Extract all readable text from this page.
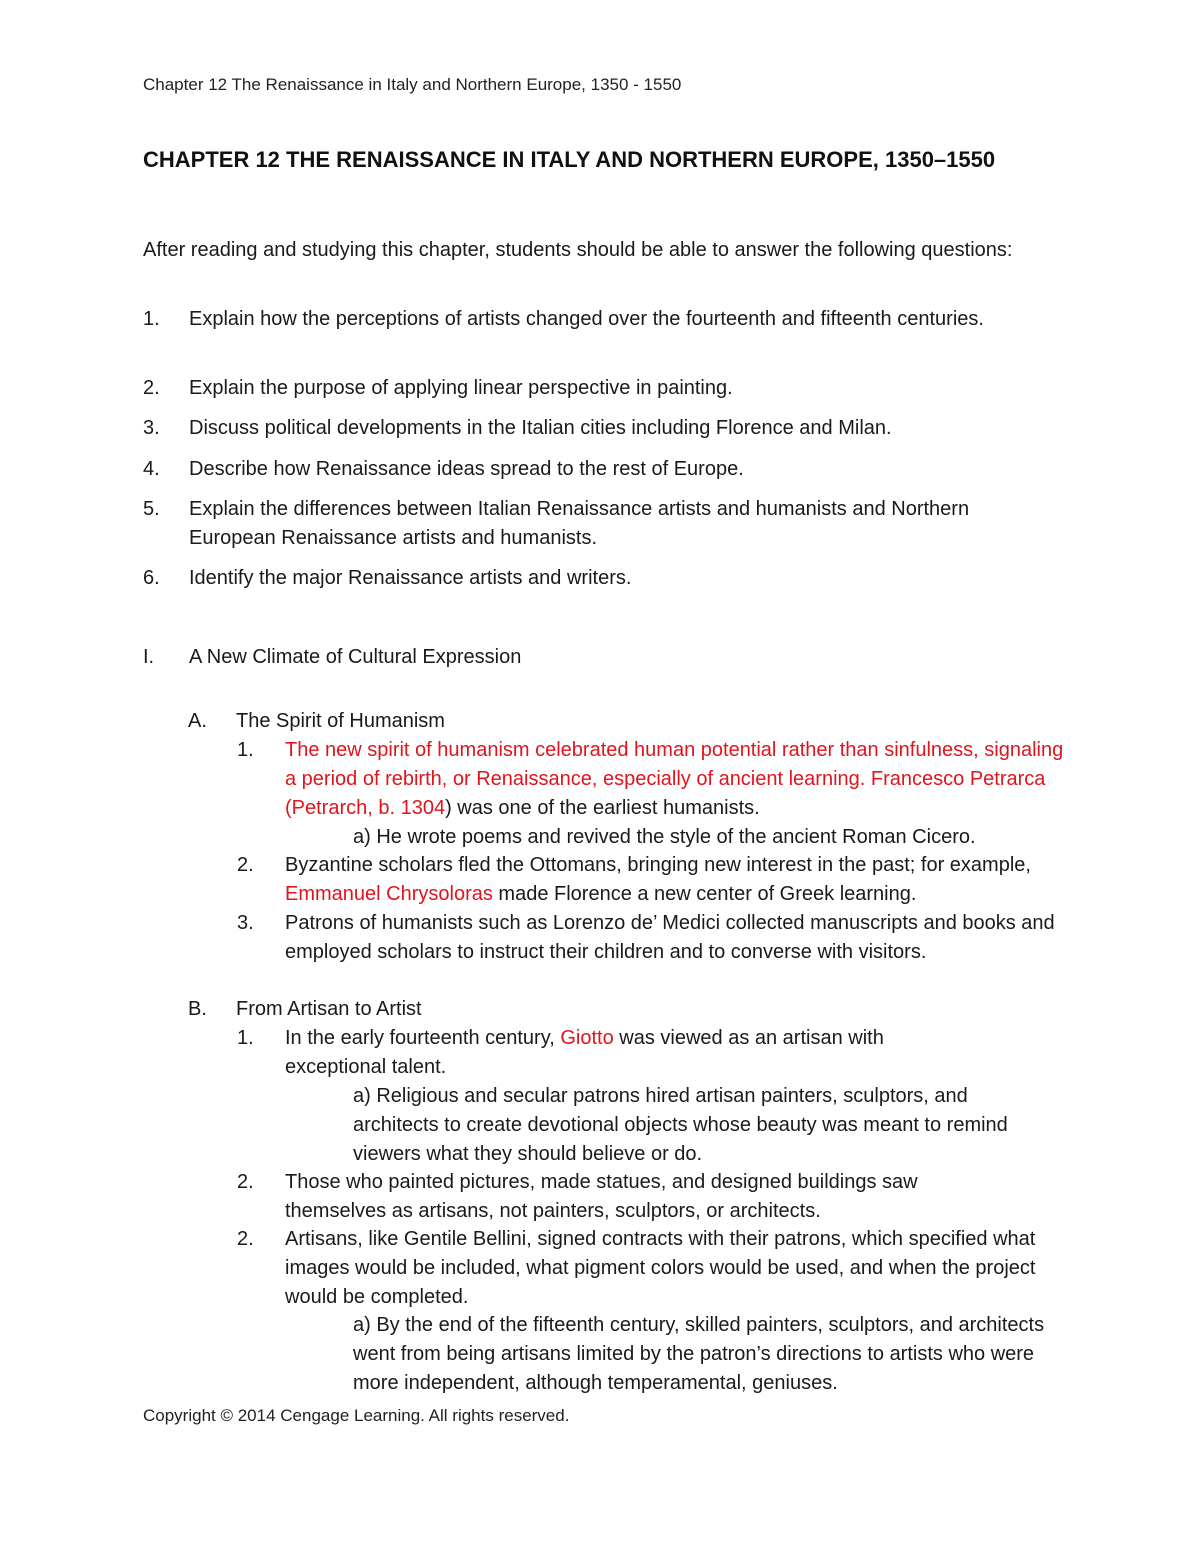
Chapter 12 The Renaissance in Italy and Northern Europe, 1350 - 1550
CHAPTER 12 THE RENAISSANCE IN ITALY AND NORTHERN EUROPE, 1350–1550
After reading and studying this chapter, students should be able to answer the following questions:
1. Explain how the perceptions of artists changed over the fourteenth and fifteenth centuries.
2. Explain the purpose of applying linear perspective in painting.
3. Discuss political developments in the Italian cities including Florence and Milan.
4. Describe how Renaissance ideas spread to the rest of Europe.
5. Explain the differences between Italian Renaissance artists and humanists and Northern European Renaissance artists and humanists.
6. Identify the major Renaissance artists and writers.
I. A New Climate of Cultural Expression
A. The Spirit of Humanism
1. The new spirit of humanism celebrated human potential rather than sinfulness, signaling a period of rebirth, or Renaissance, especially of ancient learning. Francesco Petrarca (Petrarch, b. 1304) was one of the earliest humanists.
a) He wrote poems and revived the style of the ancient Roman Cicero.
2. Byzantine scholars fled the Ottomans, bringing new interest in the past; for example, Emmanuel Chrysoloras made Florence a new center of Greek learning.
3. Patrons of humanists such as Lorenzo de’ Medici collected manuscripts and books and employed scholars to instruct their children and to converse with visitors.
B. From Artisan to Artist
1. In the early fourteenth century, Giotto was viewed as an artisan with exceptional talent.
a) Religious and secular patrons hired artisan painters, sculptors, and architects to create devotional objects whose beauty was meant to remind viewers what they should believe or do.
2. Those who painted pictures, made statues, and designed buildings saw themselves as artisans, not painters, sculptors, or architects.
2. Artisans, like Gentile Bellini, signed contracts with their patrons, which specified what images would be included, what pigment colors would be used, and when the project would be completed.
a) By the end of the fifteenth century, skilled painters, sculptors, and architects went from being artisans limited by the patron’s directions to artists who were more independent, although temperamental, geniuses.
Copyright © 2014 Cengage Learning. All rights reserved.
